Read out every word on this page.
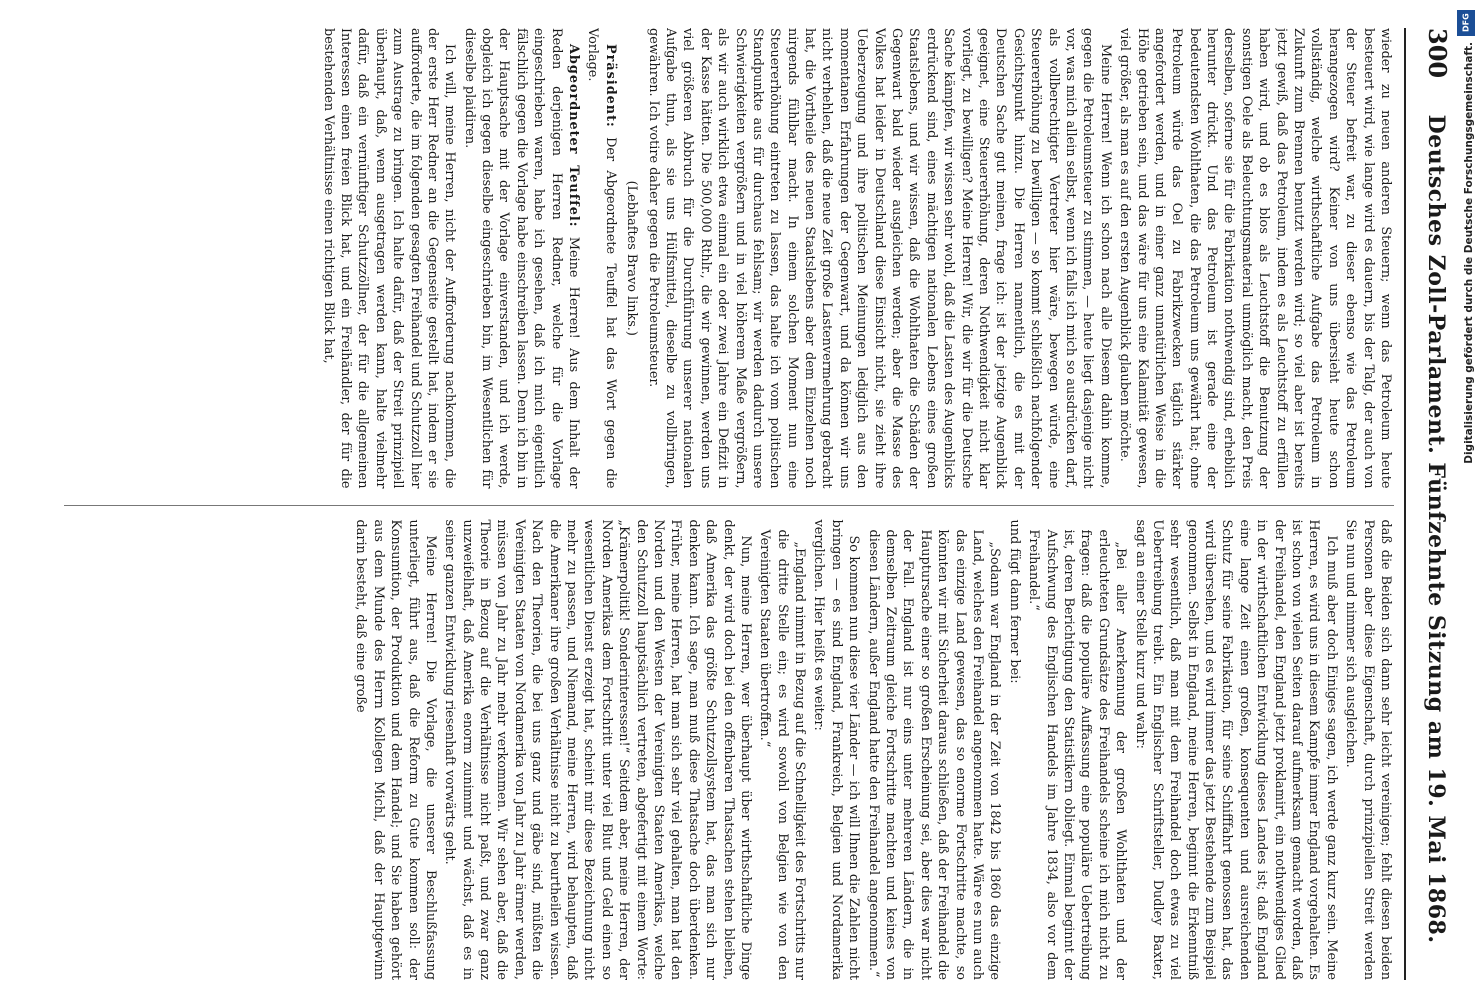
300
Deutsches Zoll-Parlament. Fünfzehnte Sitzung am 19. Mai 1868.

wieder zu neuen anderen Steuern; wenn das Petroleum heute besteuert wird, wie lange wird es dauern, bis der Talg, der auch von der Steuer befreit war, zu dieser ebenso wie das Petroleum herangezogen wird? Keiner von uns übersieht heute schon vollständig, welche wirthschaftliche Aufgabe das Petroleum in Zukunft zum Brennen benutzt werden wird; so viel aber ist bereits jetzt gewiß, daß das Petroleum, indem es als Leuchtstoff zu erfüllen haben wird, und ob es blos als Leuchtstoff die Benutzung der sonstigen Oele als Beleuchtungsmaterial unmöglich macht, den Preis derselben, soferne sie für die Fabrikation nothwendig sind, erheblich herunter drückt. Und das Petroleum ist gerade eine der bedeutendsten Wohlthaten, die das Petroleum uns gewährt hat; ohne Petroleum würde das Oel zu Fabrikzwecken täglich stärker angefordert werden, und in einer ganz unnatürlichen Weise in die Höhe getrieben sein, und das wäre für uns eine Kalamität gewesen, viel größer, als man es auf den ersten Augenblick glauben möchte.

Meine Herren! Wenn ich schon nach alle Diesem dahin komme, gegen die Petroleumsteuer zu stimmen, — heute liegt dasjenige nicht vor, was mich allein selbst, wenn ich falls ich mich so ausdrücken darf, als vollberechtigter Vertreter hier wäre, bewegen würde, eine Steuererhöhung zu bewilligen — so kommt schließlich nachfolgender Gesichtspunkt hinzu. Die Herren namentlich, die es mit der Deutschen Sache gut meinen, frage ich: ist der jetzige Augenblick geeignet, eine Steuererhöhung, deren Nothwendigkeit nicht klar vorliegt, zu bewilligen? Meine Herren! Wir, die wir für die Deutsche Sache kämpfen, wir wissen sehr wohl, daß die Lasten des Augenblicks erdrückend sind, eines mächtigen nationalen Lebens eines großen Staatslebens, und wir wissen, daß die Wohlthaten die Schäden der Gegenwart bald wieder ausgleichen werden; aber die Masse des Volkes hat leider in Deutschland diese Einsicht nicht, sie zieht ihre Ueberzeugung und ihre politischen Meinungen lediglich aus den momentanen Erfahrungen der Gegenwart, und da können wir uns nicht verhehlen, daß die neue Zeit große Lastenvermehrung gebracht hat, die Vortheile des neuen Staatslebens aber dem Einzelnen noch nirgends fühlbar macht. In einem solchen Moment nun eine Steuererhöhung eintreten zu lassen, das halte ich vom politischen Standpunkte aus für durchaus fehlsam; wir werden dadurch unsere Schwierigkeiten vergrößern und in viel höherem Maße vergrößern, als wir auch wirklich etwa einmal ein oder zwei Jahre ein Defizit in der Kasse hätten. Die 500,000 Rthlr., die wir gewinnen, werden uns viel größeren Abbruch für die Durchführung unserer nationalen Aufgabe thun, als sie uns Hülfsmittel, dieselbe zu vollbringen, gewähren. Ich votire daher gegen die Petroleumsteuer.

(Lebhaftes Bravo links.)

Präsident: Der Abgeordnete Teuffel hat das Wort gegen die Vorlage.

Abgeordneter Teuffel: Meine Herren! Aus dem Inhalt der Reden derjenigen Herren Redner, welche für die Vorlage eingeschrieben waren, habe ich gesehen, daß ich mich eigentlich fälschlich gegen die Vorlage habe einschreiben lassen. Denn ich bin in der Hauptsache mit der Vorlage einverstanden, und ich werde, obgleich ich gegen dieselbe eingeschrieben bin, im Wesentlichen für dieselbe plaidiren.

Ich will, meine Herren, nicht der Aufforderung nachkommen, die der erste Herr Redner an die Gegenseite gestellt hat, indem er sie aufforderte, die im folgenden gesagten Freihandel und Schutzzoll hier zum Austrage zu bringen. Ich halte dafür, daß der Streit prinzipiell überhaupt, daß, wenn ausgetragen werden kann, halte vielmehr dafür, daß ein vernünftiger Schutzzöllner, der für die allgemeinen Interessen einen freien Blick hat, und ein Freihändler, der für die bestehenden Verhältnisse einen richtigen Blick hat,

daß die Beiden sich dann sehr leicht vereinigen; fehlt diesen beiden Personen aber diese Eigenschaft, durch prinzipiellen Streit werden Sie nun und nimmer sich ausgleichen.

Ich muß aber doch Einiges sagen, ich werde ganz kurz sein. Meine Herren, es wird uns in diesem Kampfe immer England vorgehalten. Es ist schon von vielen Seiten darauf aufmerksam gemacht worden, daß der Freihandel, den England jetzt proklamirt, ein nothwendiges Glied in der wirthschaftlichen Entwicklung dieses Landes ist; daß England eine lange Zeit einen großen, konsequenten und ausreichenden Schutz für seine Fabrikation, für seine Schifffahrt genossen hat, das wird übersehen, und es wird immer das jetzt Bestehende zum Beispiel genommen. Selbst in England, meine Herren, beginnt die Erkenntniß sehr wesentlich, daß man mit dem Freihandel doch etwas zu viel Uebertreibung treibt. Ein Englischer Schriftsteller, Dudley Baxter, sagt an einer Stelle kurz und wahr:

„Bei aller Anerkennung der großen Wohlthaten und der erleuchteten Grundsätze des Freihandels scheine ich mich nicht zu fragen: daß die populäre Auffassung eine populäre Uebertreibung ist, deren Berichtigung den Statistikern obliegt. Einmal beginnt der Aufschwung des Englischen Handels im Jahre 1834, also vor dem Freihandel.“

und fügt dann ferner bei:

„Sodann war England in der Zeit von 1842 bis 1860 das einzige Land, welches den Freihandel angenommen hatte. Wäre es nun auch das einzige Land gewesen, das so enorme Fortschritte machte, so könnten wir mit Sicherheit daraus schließen, daß der Freihandel die Hauptursache einer so großen Erscheinung sei, aber dies war nicht der Fall. England ist nur eins unter mehreren Ländern, die in demselben Zeitraum gleiche Fortschritte machten und keines von diesen Ländern, außer England hatte den Freihandel angenommen.“

So kommen nun diese vier Länder — ich will Ihnen die Zahlen nicht bringen — es sind England, Frankreich, Belgien und Nordamerika verglichen. Hier heißt es weiter:

„England nimmt in Bezug auf die Schnelligkeit des Fortschritts nur die dritte Stelle ein; es wird sowohl von Belgien wie von den Vereinigten Staaten übertroffen.“

Nun, meine Herren, wer überhaupt über wirthschaftliche Dinge denkt, der wird doch bei den offenbaren Thatsachen stehen bleiben, daß Amerika das größte Schutzzollsystem hat, das man sich nur denken kann. Ich sage, man muß diese Thatsache doch überdenken. Früher, meine Herren, hat man sich sehr viel gehalten, man hat den Norden und den Westen der Vereinigten Staaten Amerikas, welche den Schutzzoll hauptsächlich vertreten, abgefertigt mit einem Worte: „Krämerpolitik! Sonderinteressen!“ Seitdem aber, meine Herren, der Norden Amerikas dem Fortschritt unter viel Blut und Geld einen so wesentlichen Dienst erzeigt hat, scheint mir diese Bezeichnung nicht mehr zu passen, und Niemand, meine Herren, wird behaupten, daß die Amerikaner ihre großen Verhältnisse nicht zu beurtheilen wissen. Nach den Theorien, die bei uns ganz und gäbe sind, müßten die Vereinigten Staaten von Nordamerika von Jahr zu Jahr ärmer werden, müssen von Jahr zu Jahr mehr verkommen. Wir sehen aber, daß die Theorie in Bezug auf die Verhältnisse nicht paßt, und zwar ganz unzweifelhaft, daß Amerika enorm zunimmt und wächst, daß es in seiner ganzen Entwicklung riesenhaft vorwärts geht.

Meine Herren! Die Vorlage, die unserer Beschlußfassung unterliegt, führt aus, daß die Reform zu Gute kommen soll: der Konsumtion, der Produktion und dem Handel; und Sie haben gehört aus dem Munde des Herrn Kollegen Michl, daß der Hauptgewinn darin besteht, daß eine große

DFG
Digitalisierung gefördert durch die Deutsche Forschungsgemeinschaft.
